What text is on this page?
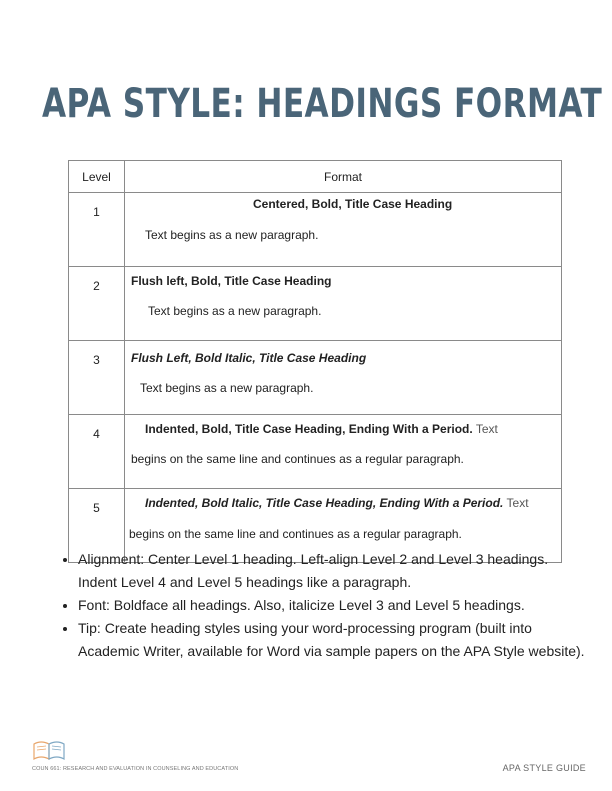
APA STYLE: HEADINGS FORMAT
Level	Format
1	Centered, Bold, Title Case Heading
Text begins as a new paragraph.

2	Flush left, Bold, Title Case Heading
Text begins as a new paragraph.

3	Flush Left, Bold Italic, Title Case Heading
Text begins as a new paragraph.

4	Indented, Bold, Title Case Heading, Ending With a Period. Text
begins on the same line and continues as a regular paragraph.

5	Indented, Bold Italic, Title Case Heading, Ending With a Period. Text
begins on the same line and continues as a regular paragraph.
• Alignment: Center Level 1 heading. Left-align Level 2 and Level 3 headings. Indent Level 4 and Level 5 headings like a paragraph.
• Font: Boldface all headings. Also, italicize Level 3 and Level 5 headings.
• Tip: Create heading styles using your word-processing program (built into Academic Writer, available for Word via sample papers on the APA Style website).
COUN 661: RESEARCH AND EVALUATION IN COUNSELING AND EDUCATION	APA STYLE GUIDE
